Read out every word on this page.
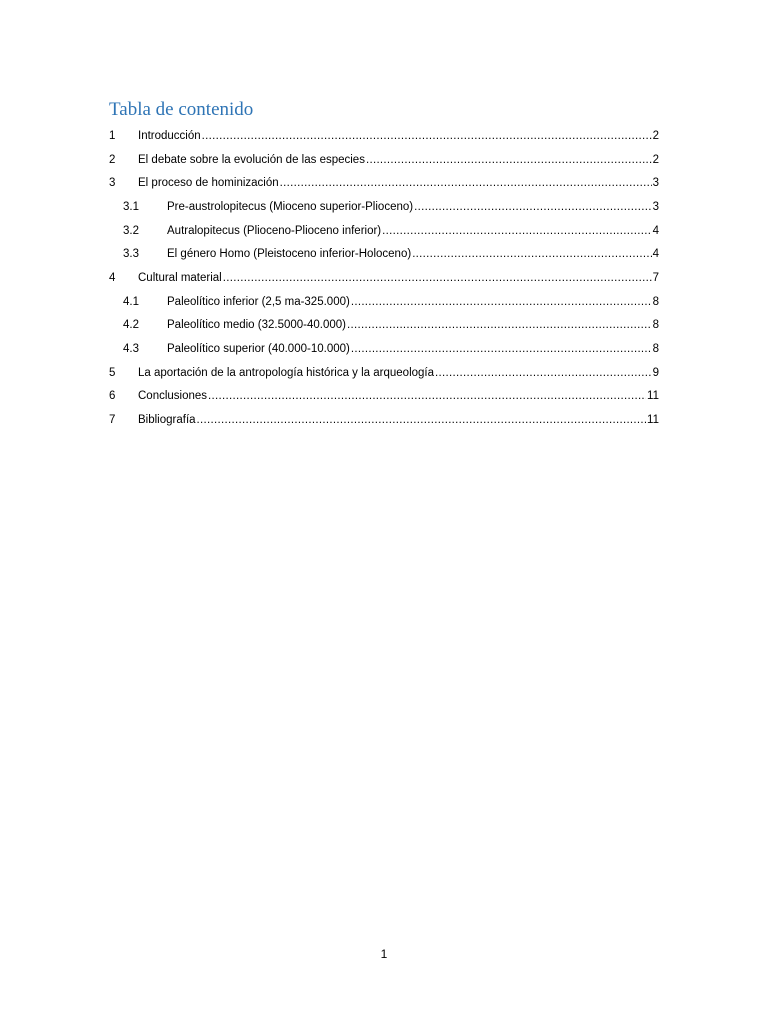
Tabla de contenido
1 Introducción .....	2
2 El debate sobre la evolución de las especies .....	2
3 El proceso de hominización .....	3
3.1 Pre-austrolopitecus (Mioceno superior-Plioceno) .....	3
3.2 Autralopitecus (Plioceno-Plioceno inferior) .....	4
3.3 El género Homo (Pleistoceno inferior-Holoceno) .....	4
4 Cultural material .....	7
4.1 Paleolítico inferior (2,5 ma-325.000) .....	8
4.2 Paleolítico medio (32.5000-40.000) .....	8
4.3 Paleolítico superior (40.000-10.000) .....	8
5 La aportación de la antropología histórica y la arqueología .....	9
6 Conclusiones .....	11
7 Bibliografía .....	11
1
